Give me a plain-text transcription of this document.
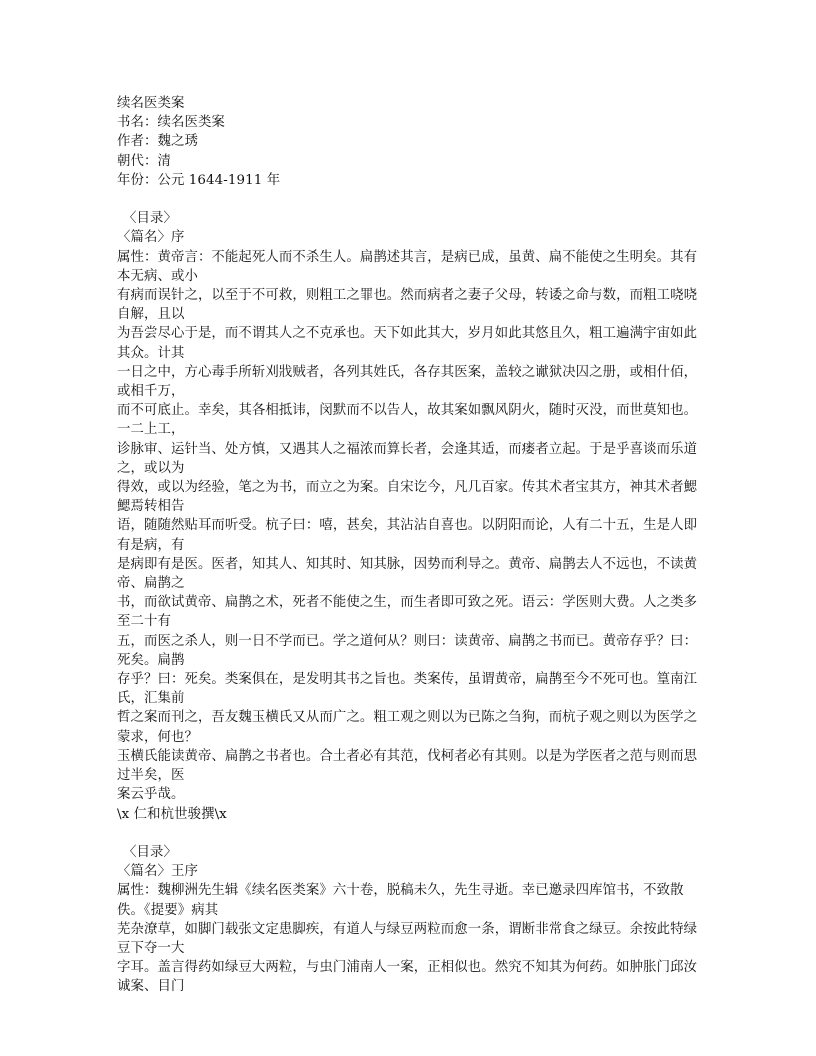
续名医类案
书名：续名医类案
作者：魏之琇
朝代：清
年份：公元 1644-1911 年
〈目录〉
〈篇名〉序
属性：黄帝言：不能起死人而不杀生人。扁鹊述其言，是病已成，虽黄、扁不能使之生明矣。其有本无病、或小
有病而误针之，以至于不可救，则粗工之罪也。然而病者之妻子父母，转诿之命与数，而粗工哓哓自解，且以
为吾尝尽心于是，而不谓其人之不克承也。天下如此其大，岁月如此其悠且久，粗工遍满宇宙如此其众。计其
一日之中，方心毒手所斩刈戕贼者，各列其姓氏，各存其医案，盖较之谳狱决囚之册，或相什佰，或相千万，
而不可底止。幸矣，其各相抵讳，闵默而不以告人，故其案如飘风阴火，随时灭没，而世莫知也。一二上工，
诊脉审、运针当、处方慎，又遇其人之福浓而算长者，会逢其适，而瘘者立起。于是乎喜谈而乐道之，或以为
得效，或以为经验，笔之为书，而立之为案。自宋讫今，凡几百家。传其术者宝其方，神其术者鰓鰓焉转相告
语，随随然贴耳而听受。杭子曰：嘻，甚矣，其沾沾自喜也。以阴阳而论，人有二十五，生是人即有是病，有
是病即有是医。医者，知其人、知其时、知其脉，因势而利导之。黄帝、扁鹊去人不远也，不读黄帝、扁鹊之
书，而欲试黄帝、扁鹊之术，死者不能使之生，而生者即可致之死。语云：学医则大费。人之类多至二十有
五，而医之杀人，则一日不学而已。学之道何从？则曰：读黄帝、扁鹊之书而已。黄帝存乎？曰：死矣。扁鹊
存乎？曰：死矣。类案俱在，是发明其书之旨也。类案传，虽谓黄帝，扁鹊至今不死可也。篁南江氏，汇集前
哲之案而刊之，吾友魏玉横氏又从而广之。粗工观之则以为已陈之刍狗，而杭子观之则以为医学之蒙求，何也？
玉横氏能读黄帝、扁鹊之书者也。合土者必有其范，伐柯者必有其则。以是为学医者之范与则而思过半矣，医
案云乎哉。
\x 仁和杭世骏撰\x
〈目录〉
〈篇名〉王序
属性：魏柳洲先生辑《续名医类案》六十卷，脱稿未久，先生寻逝。幸已邀录四库馆书，不致散佚。《提要》病其
芜杂潦草，如脚门载张文定患脚疾，有道人与绿豆两粒而愈一条，谓断非常食之绿豆。余按此特绿豆下夺一大
字耳。盖言得药如绿豆大两粒，与虫门浦南人一案，正相似也。然究不知其为何药。如肿胀门邱汝诚案、目门
